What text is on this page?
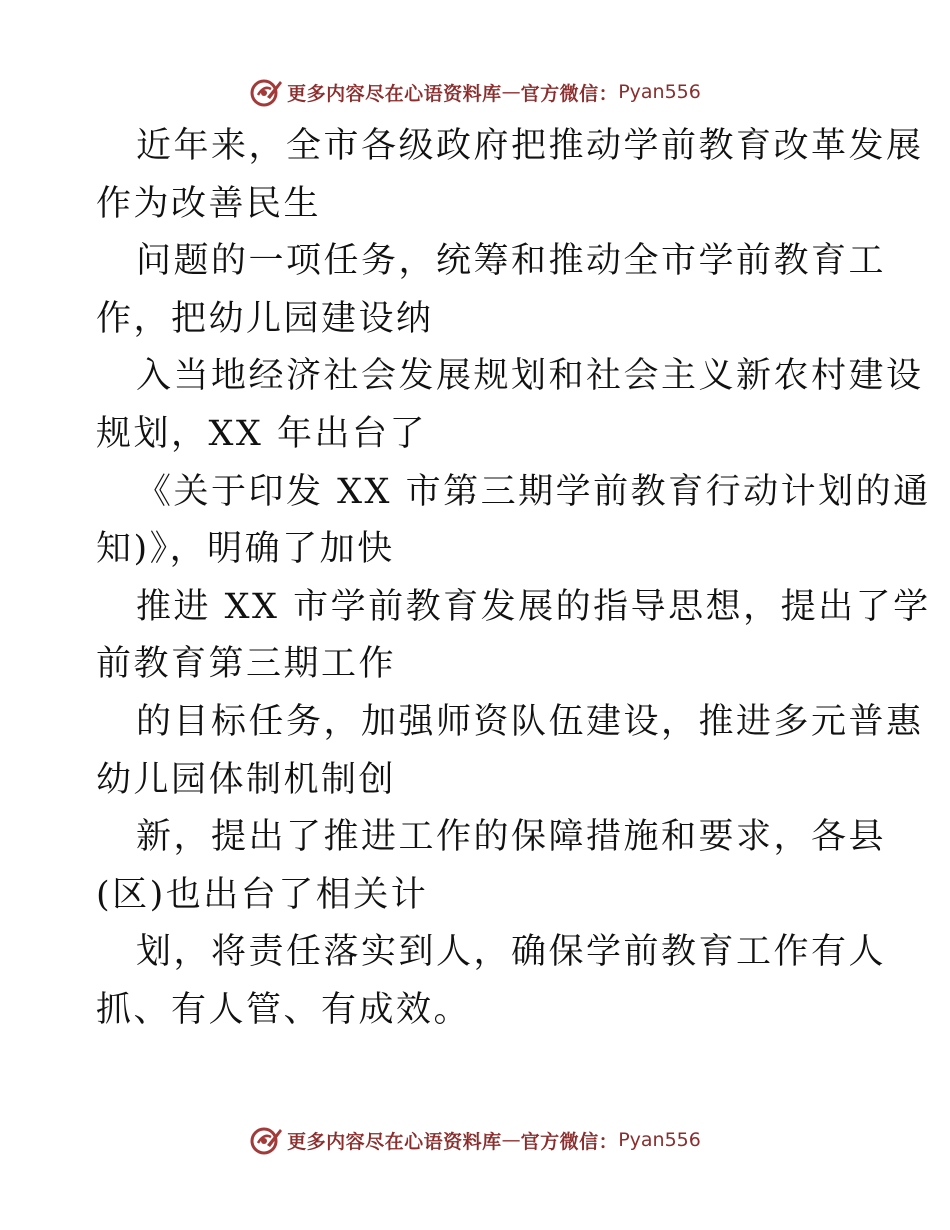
更多内容尽在心语资料库 — 官方微信： Pyan556
近年来，全市各级政府把推动学前教育改革发展
作为改善民生
问题的一项任务，统筹和推动全市学前教育工
作，把幼儿园建设纳
入当地经济社会发展规划和社会主义新农村建设
规划，XX 年出台了
《关于印发 XX 市第三期学前教育行动计划的通
知)》，明确了加快
推进 XX 市学前教育发展的指导思想，提出了学
前教育第三期工作
的目标任务，加强师资队伍建设，推进多元普惠
幼儿园体制机制创
新，提出了推进工作的保障措施和要求，各县
(区)也出台了相关计
划，将责任落实到人，确保学前教育工作有人
抓、有人管、有成效。
更多内容尽在心语资料库 — 官方微信： Pyan556
